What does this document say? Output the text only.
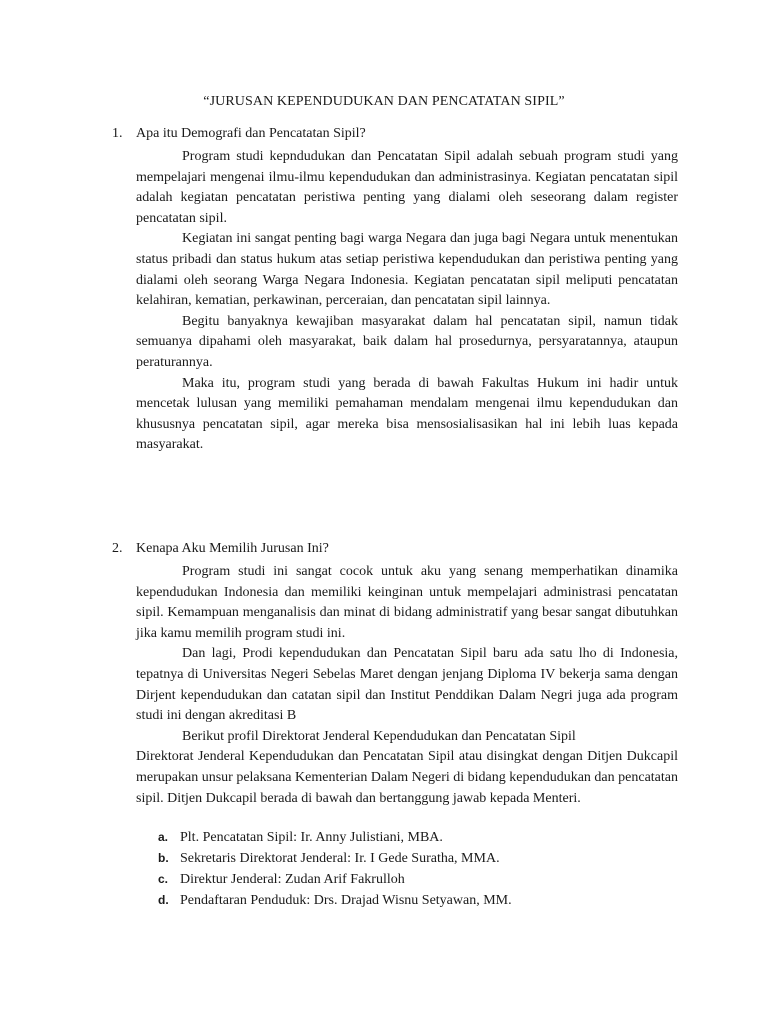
“JURUSAN KEPENDUDUKAN DAN PENCATATAN SIPIL”
1. Apa itu Demografi dan Pencatatan Sipil?

Program studi kepndudukan dan Pencatatan Sipil adalah sebuah program studi yang mempelajari mengenai ilmu-ilmu kependudukan dan administrasinya. Kegiatan pencatatan sipil adalah kegiatan pencatatan peristiwa penting yang dialami oleh seseorang dalam register pencatatan sipil.

Kegiatan ini sangat penting bagi warga Negara dan juga bagi Negara untuk menentukan status pribadi dan status hukum atas setiap peristiwa kependudukan dan peristiwa penting yang dialami oleh seorang Warga Negara Indonesia. Kegiatan pencatatan sipil meliputi pencatatan kelahiran, kematian, perkawinan, perceraian, dan pencatatan sipil lainnya.

Begitu banyaknya kewajiban masyarakat dalam hal pencatatan sipil, namun tidak semuanya dipahami oleh masyarakat, baik dalam hal prosedurnya, persyaratannya, ataupun peraturannya.

Maka itu, program studi yang berada di bawah Fakultas Hukum ini hadir untuk mencetak lulusan yang memiliki pemahaman mendalam mengenai ilmu kependudukan dan khususnya pencatatan sipil, agar mereka bisa mensosialisasikan hal ini lebih luas kepada masyarakat.

2. Kenapa Aku Memilih Jurusan Ini?

Program studi ini sangat cocok untuk aku yang senang memperhatikan dinamika kependudukan Indonesia dan memiliki keinginan untuk mempelajari administrasi pencatatan sipil. Kemampuan menganalisis dan minat di bidang administratif yang besar sangat dibutuhkan jika kamu memilih program studi ini.

Dan lagi, Prodi kependudukan dan Pencatatan Sipil baru ada satu lho di Indonesia, tepatnya di Universitas Negeri Sebelas Maret dengan jenjang Diploma IV bekerja sama dengan Dirjent kependudukan dan catatan sipil dan Institut Penddikan Dalam Negri juga ada program studi ini dengan akreditasi B

Berikut profil Direktorat Jenderal Kependudukan dan Pencatatan Sipil

Direktorat Jenderal Kependudukan dan Pencatatan Sipil atau disingkat dengan Ditjen Dukcapil merupakan unsur pelaksana Kementerian Dalam Negeri di bidang kependudukan dan pencatatan sipil. Ditjen Dukcapil berada di bawah dan bertanggung jawab kepada Menteri.

a. Plt. Pencatatan Sipil: Ir. Anny Julistiani, MBA.
b. Sekretaris Direktorat Jenderal: Ir. I Gede Suratha, MMA.
c. Direktur Jenderal: Zudan Arif Fakrulloh
d. Pendaftaran Penduduk: Drs. Drajad Wisnu Setyawan, MM.
